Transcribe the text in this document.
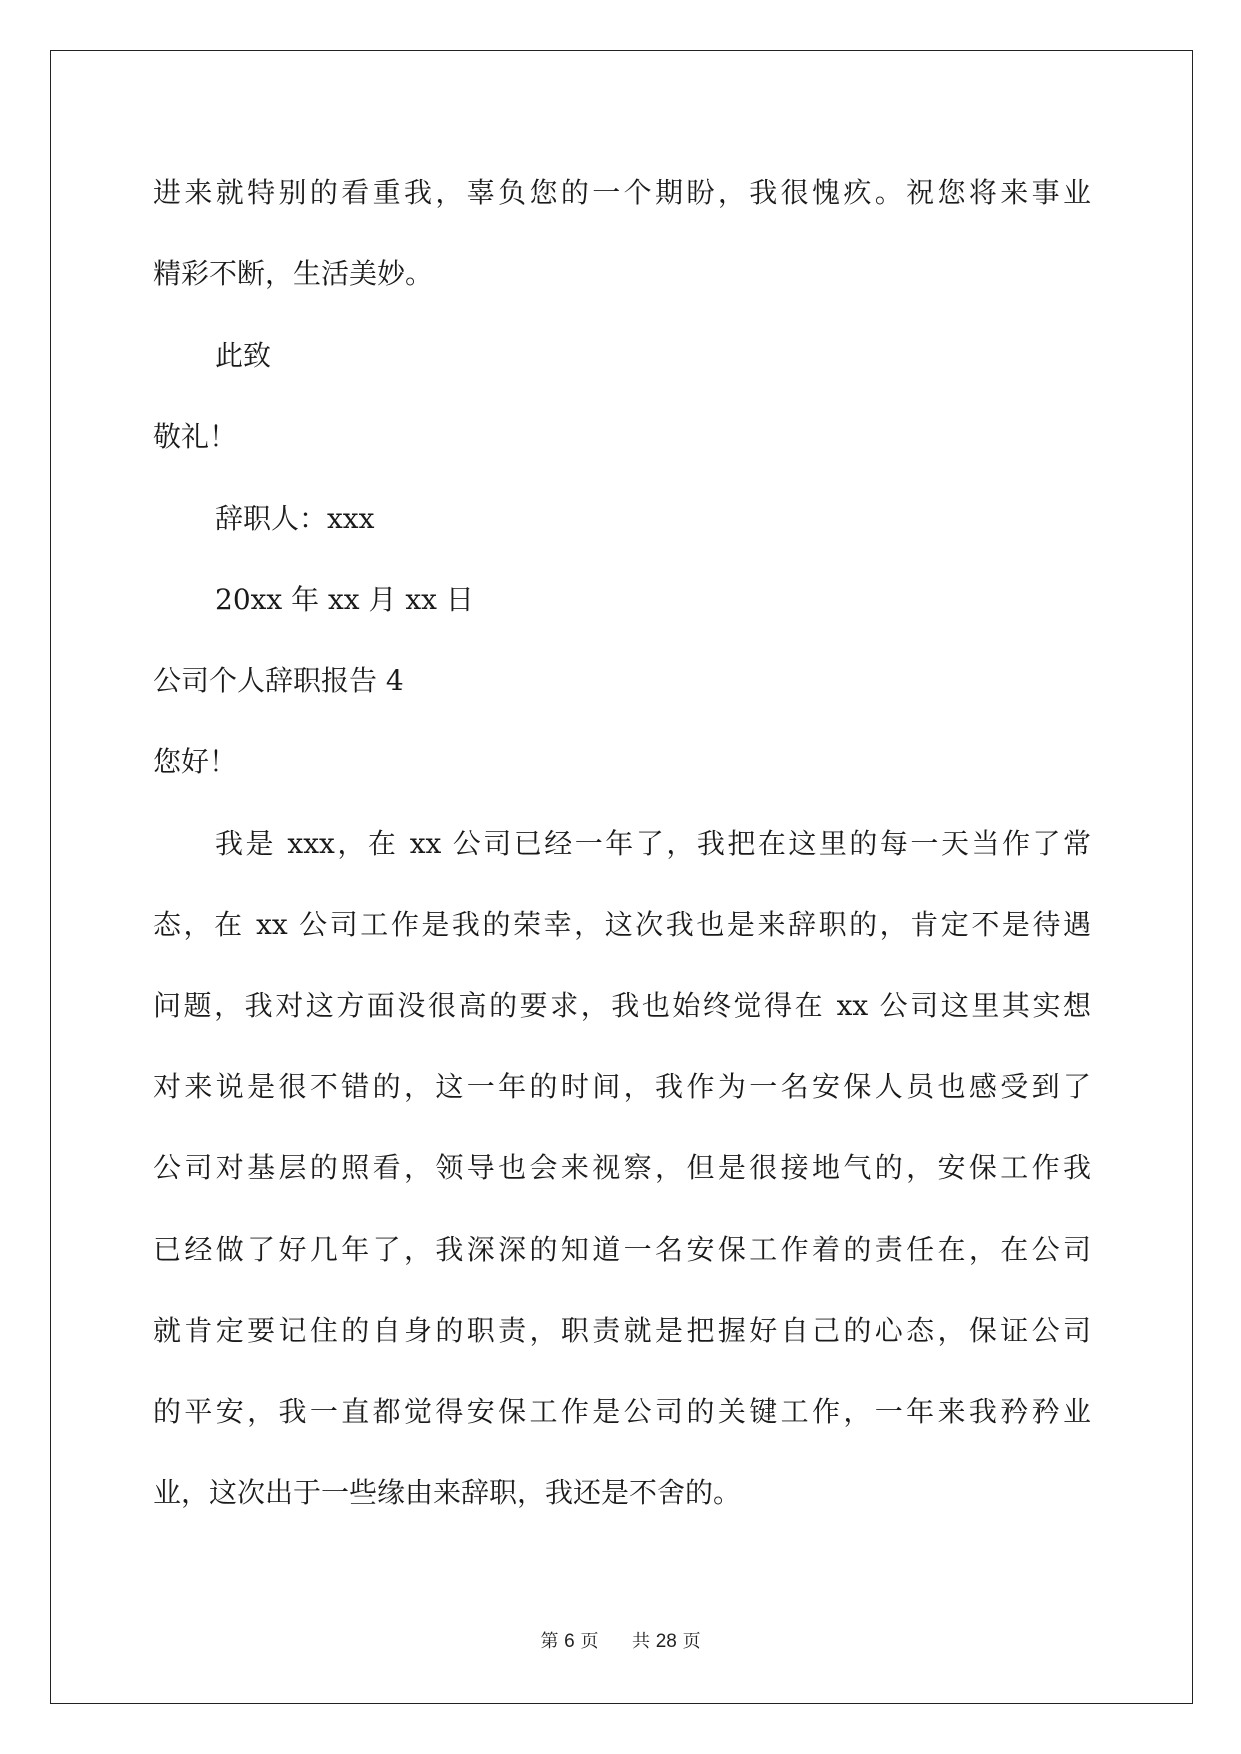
进来就特别的看重我，辜负您的一个期盼，我很愧疚。祝您将来事业
精彩不断，生活美妙。
此致
敬礼！
辞职人：xxx
20xx 年 xx 月 xx 日
公司个人辞职报告 4
您好！
我是 xxx，在 xx 公司已经一年了，我把在这里的每一天当作了常
态，在 xx 公司工作是我的荣幸，这次我也是来辞职的，肯定不是待遇
问题，我对这方面没很高的要求，我也始终觉得在 xx 公司这里其实想
对来说是很不错的，这一年的时间，我作为一名安保人员也感受到了
公司对基层的照看，领导也会来视察，但是很接地气的，安保工作我
已经做了好几年了，我深深的知道一名安保工作着的责任在，在公司
就肯定要记住的自身的职责，职责就是把握好自己的心态，保证公司
的平安，我一直都觉得安保工作是公司的关键工作，一年来我矜矜业
业，这次出于一些缘由来辞职，我还是不舍的。
第 6 页 共 28 页
